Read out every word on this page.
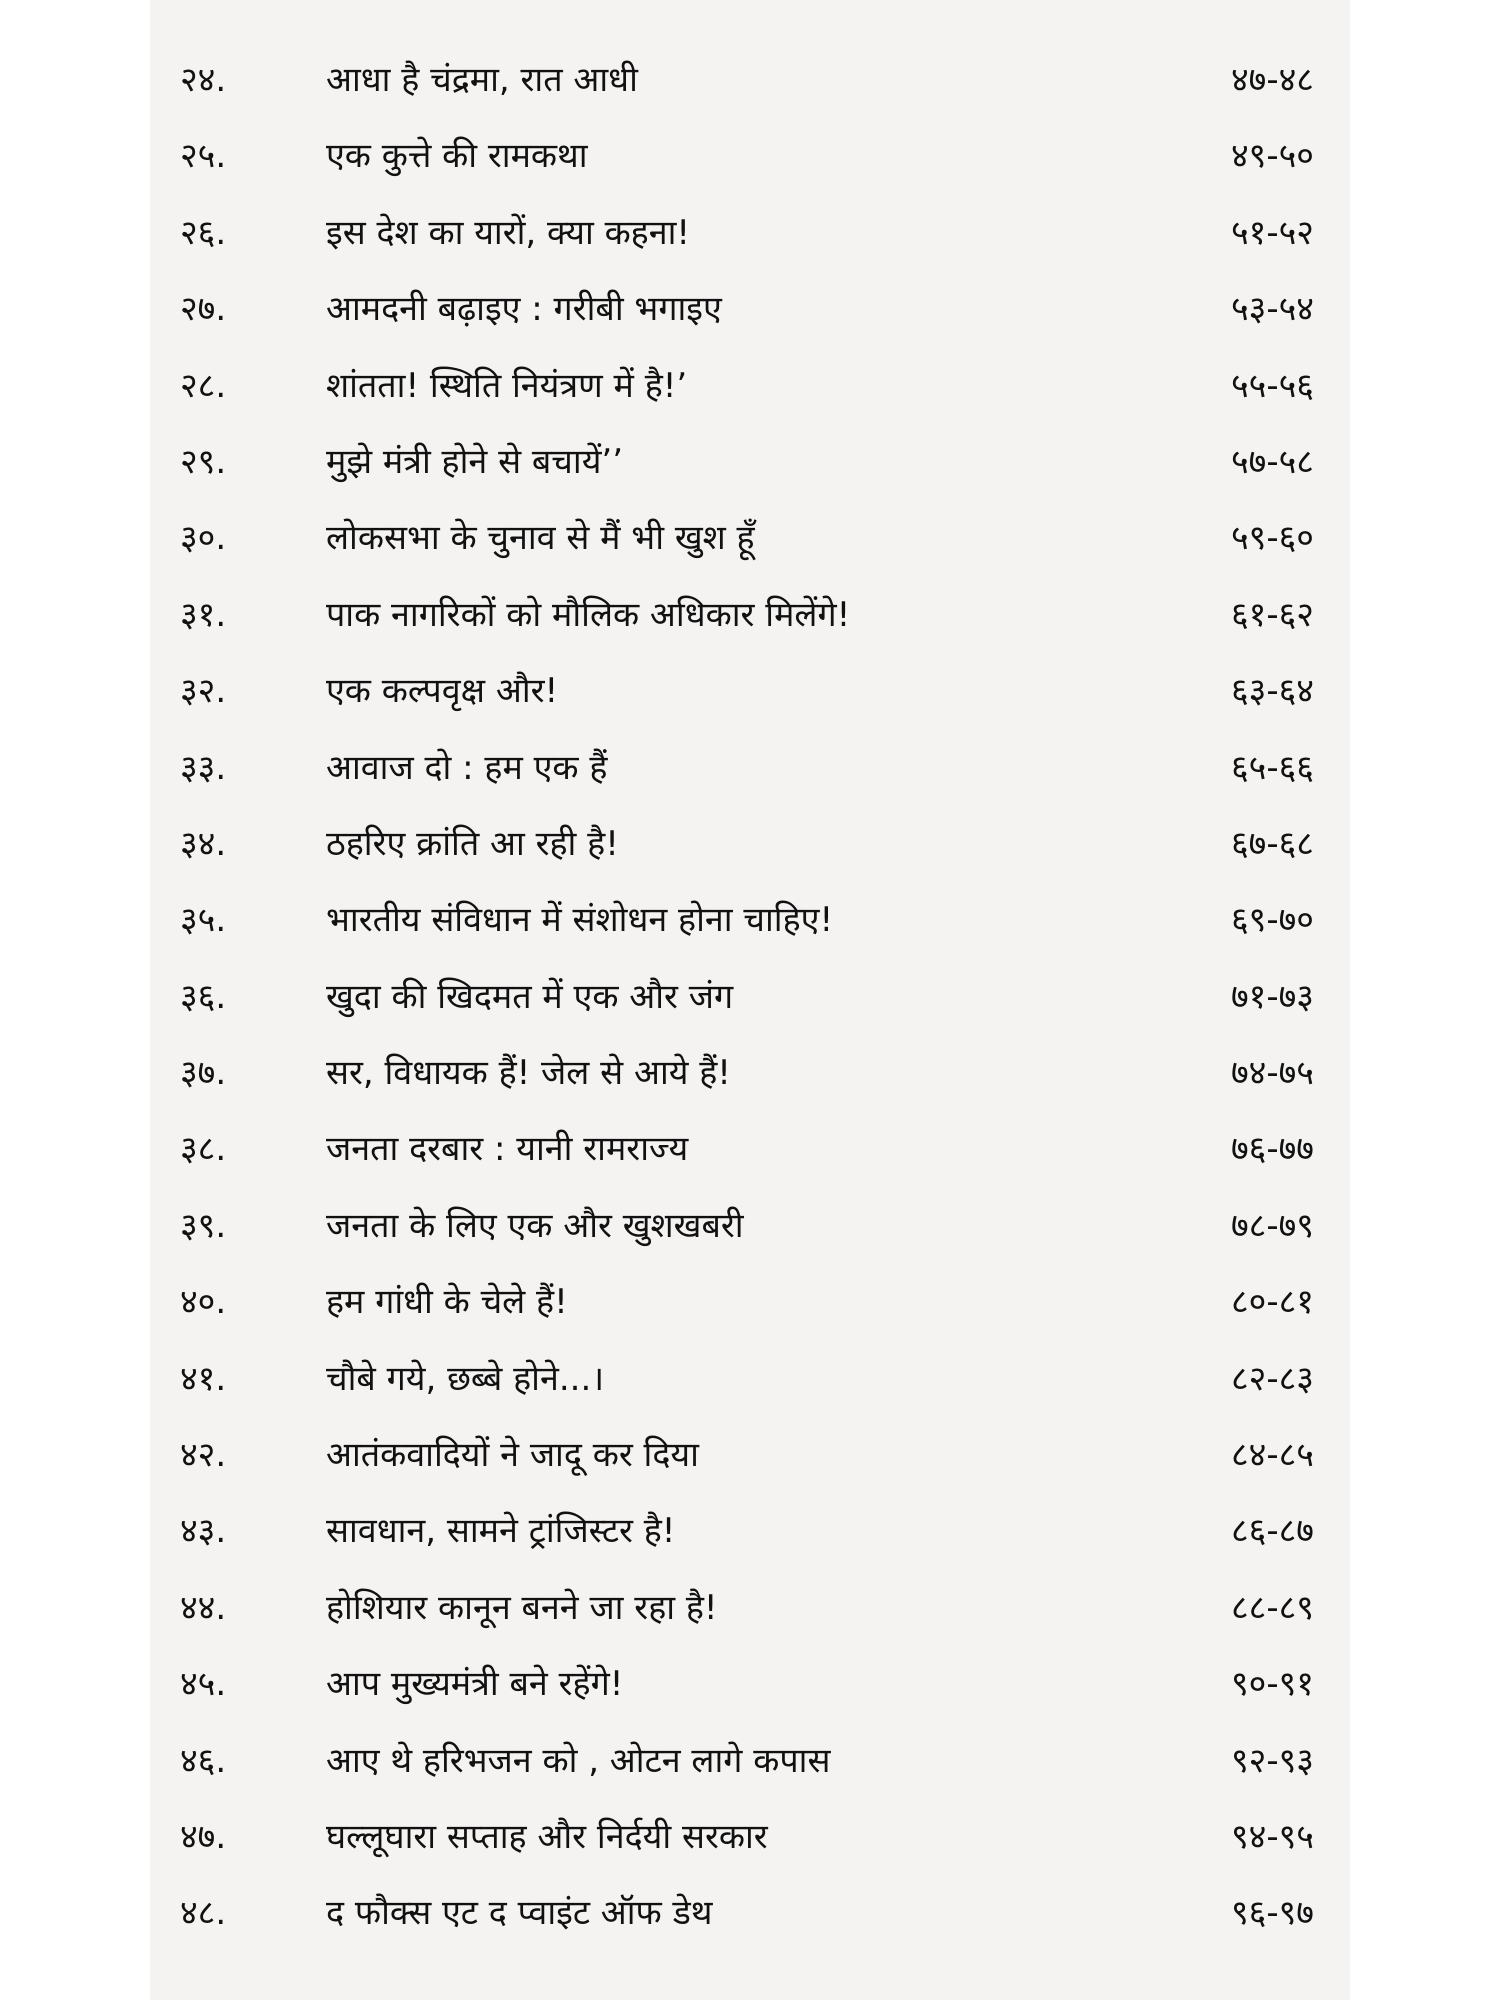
२४.	आधा है चंद्रमा, रात आधी	४७-४८
२५.	एक कुत्ते की रामकथा	४९-५०
२६.	इस देश का यारों, क्या कहना!	५१-५२
२७.	आमदनी बढ़ाइए : गरीबी भगाइए	५३-५४
२८.	शांतता! स्थिति नियंत्रण में है!’	५५-५६
२९.	मुझे मंत्री होने से बचायें’’	५७-५८
३०.	लोकसभा के चुनाव से मैं भी खुश हूँ	५९-६०
३१.	पाक नागरिकों को मौलिक अधिकार मिलेंगे!	६१-६२
३२.	एक कल्पवृक्ष और!	६३-६४
३३.	आवाज दो : हम एक हैं	६५-६६
३४.	ठहरिए क्रांति आ रही है!	६७-६८
३५.	भारतीय संविधान में संशोधन होना चाहिए!	६९-७०
३६.	खुदा की खिदमत में एक और जंग	७१-७३
३७.	सर, विधायक हैं! जेल से आये हैं!	७४-७५
३८.	जनता दरबार : यानी रामराज्य	७६-७७
३९.	जनता के लिए एक और खुशखबरी	७८-७९
४०.	हम गांधी के चेले हैं!	८०-८१
४१.	चौबे गये, छब्बे होने...।	८२-८३
४२.	आतंकवादियों ने जादू कर दिया	८४-८५
४३.	सावधान, सामने ट्रांजिस्टर है!	८६-८७
४४.	होशियार कानून बनने जा रहा है!	८८-८९
४५.	आप मुख्यमंत्री बने रहेंगे!	९०-९१
४६.	आए थे हरिभजन को , ओटन लागे कपास	९२-९३
४७.	घल्लूघारा सप्ताह और निर्दयी सरकार	९४-९५
४८.	द फौक्स एट द प्वाइंट ऑफ डेथ	९६-९७
